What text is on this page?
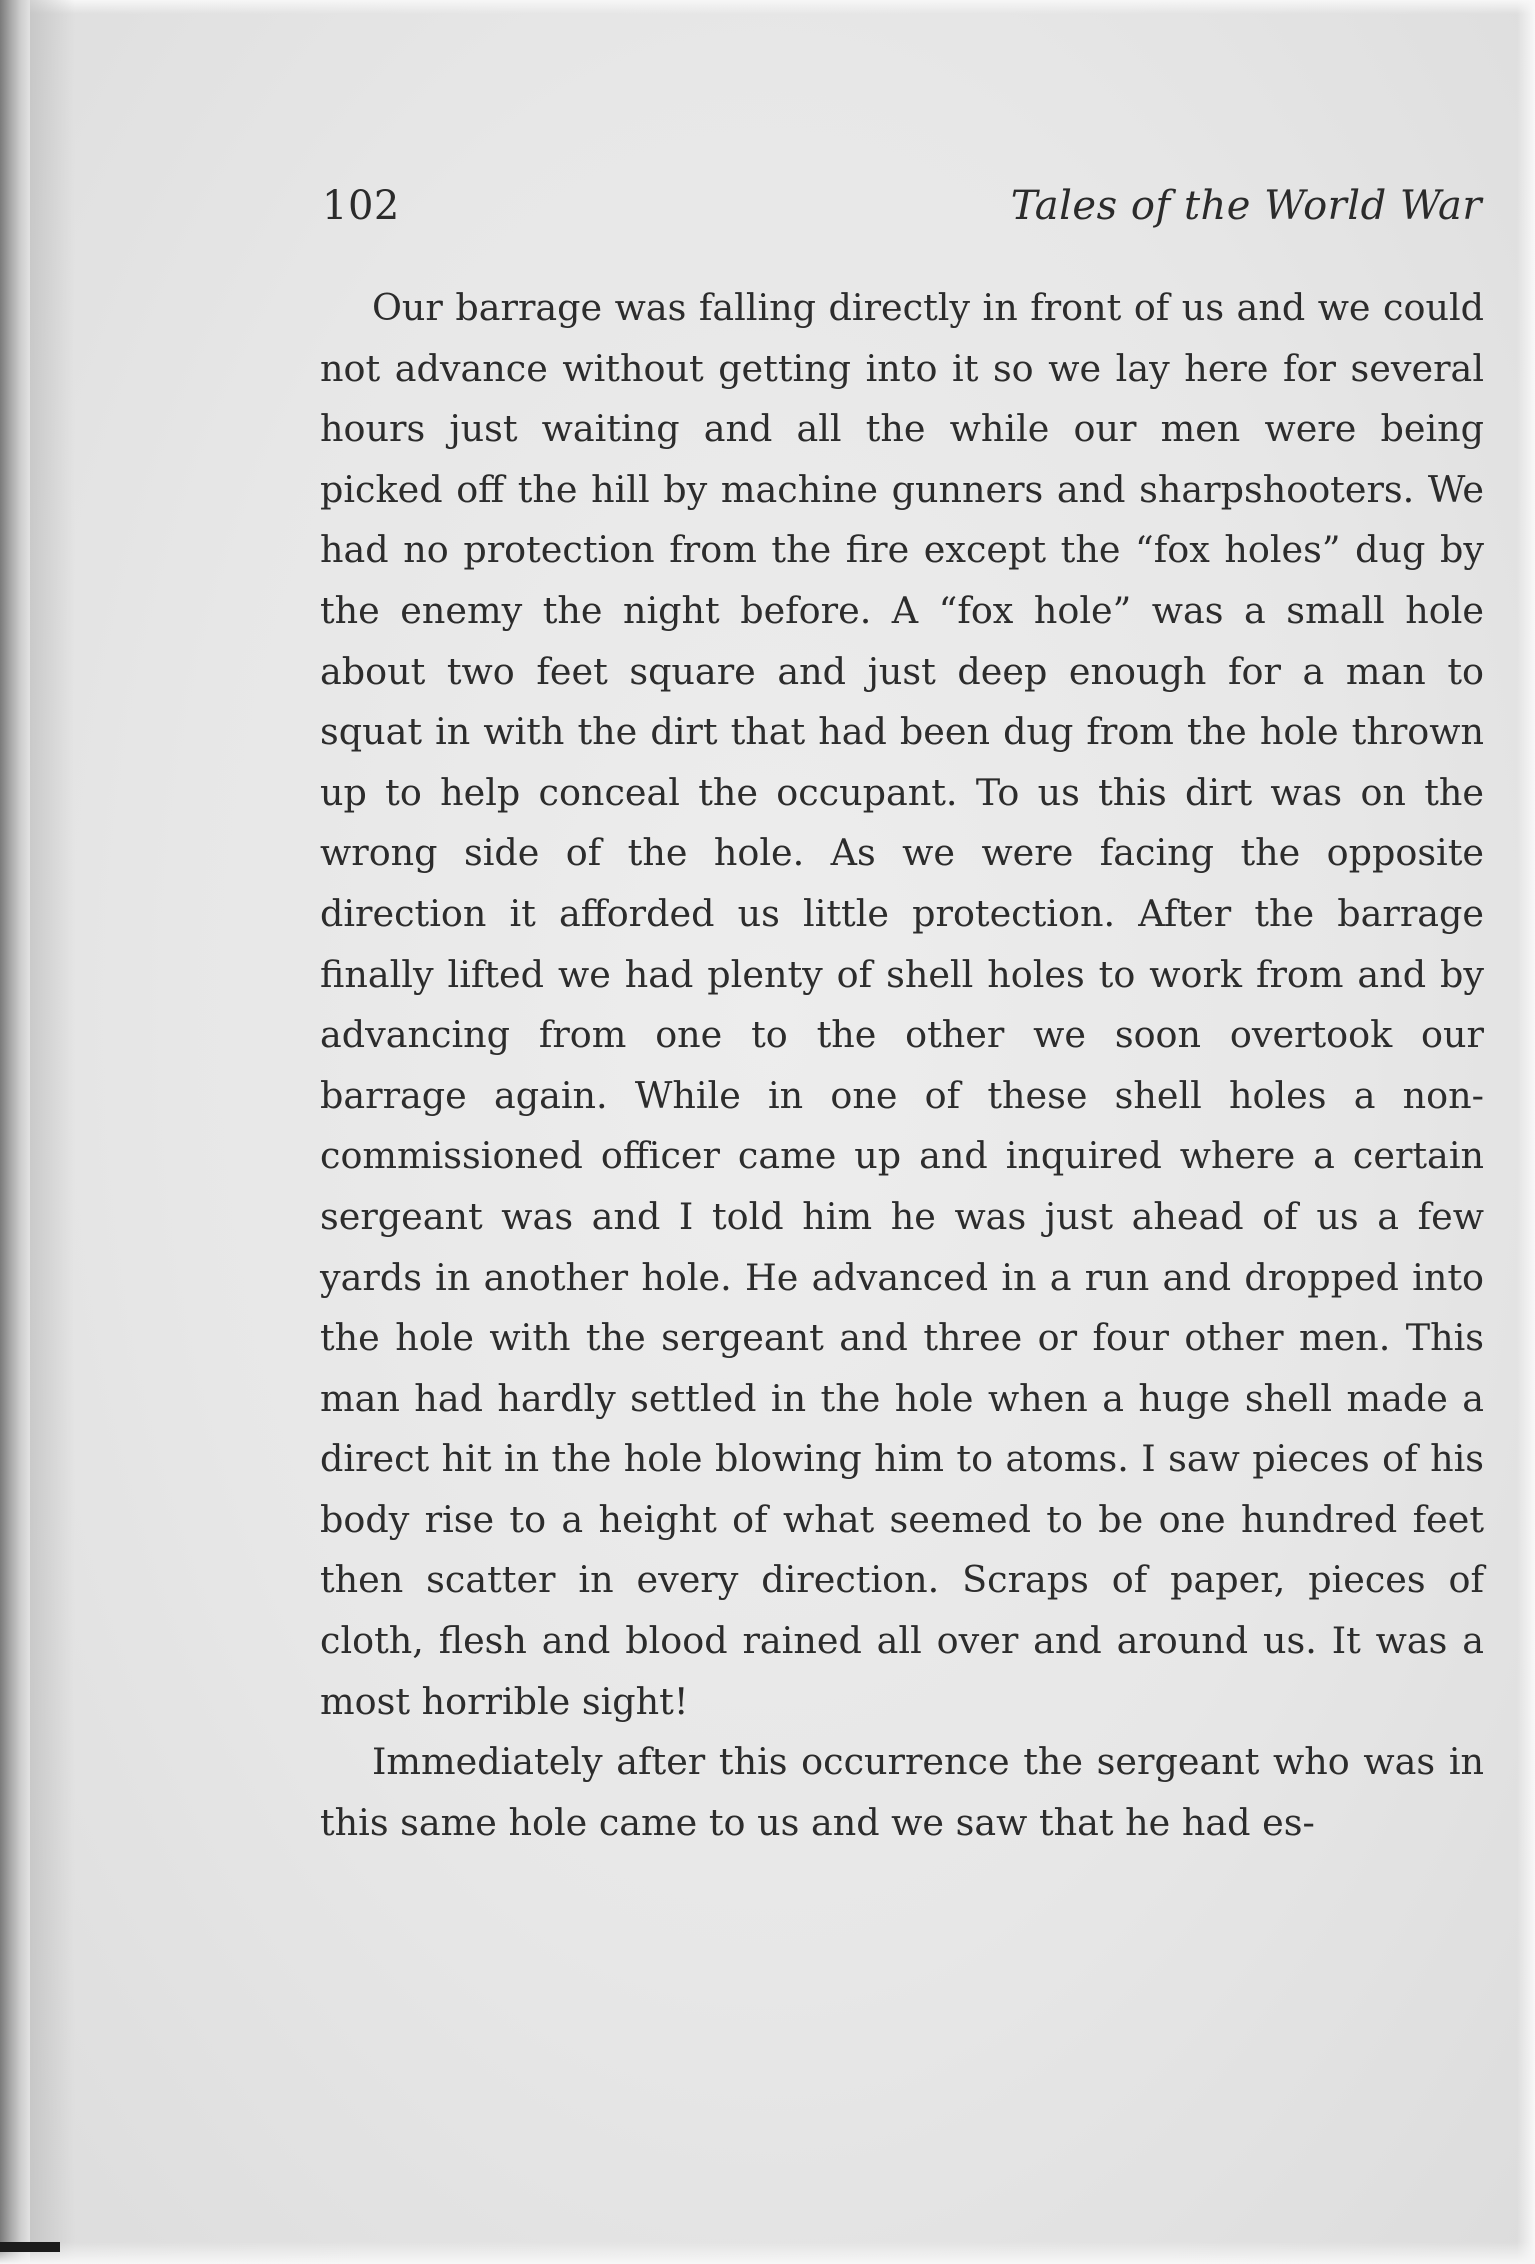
102	Tales of the World War

Our barrage was falling directly in front of us and we could not advance without getting into it so we lay here for several hours just waiting and all the while our men were being picked off the hill by machine gunners and sharpshooters. We had no protection from the fire except the “fox holes” dug by the enemy the night before. A “fox hole” was a small hole about two feet square and just deep enough for a man to squat in with the dirt that had been dug from the hole thrown up to help conceal the occupant. To us this dirt was on the wrong side of the hole. As we were facing the opposite direction it afforded us little protection. After the barrage finally lifted we had plenty of shell holes to work from and by advancing from one to the other we soon overtook our barrage again. While in one of these shell holes a non-commissioned officer came up and inquired where a certain sergeant was and I told him he was just ahead of us a few yards in another hole. He advanced in a run and dropped into the hole with the sergeant and three or four other men. This man had hardly settled in the hole when a huge shell made a direct hit in the hole blowing him to atoms. I saw pieces of his body rise to a height of what seemed to be one hundred feet then scatter in every direction. Scraps of paper, pieces of cloth, flesh and blood rained all over and around us. It was a most horrible sight!

Immediately after this occurrence the sergeant who was in this same hole came to us and we saw that he had es-
